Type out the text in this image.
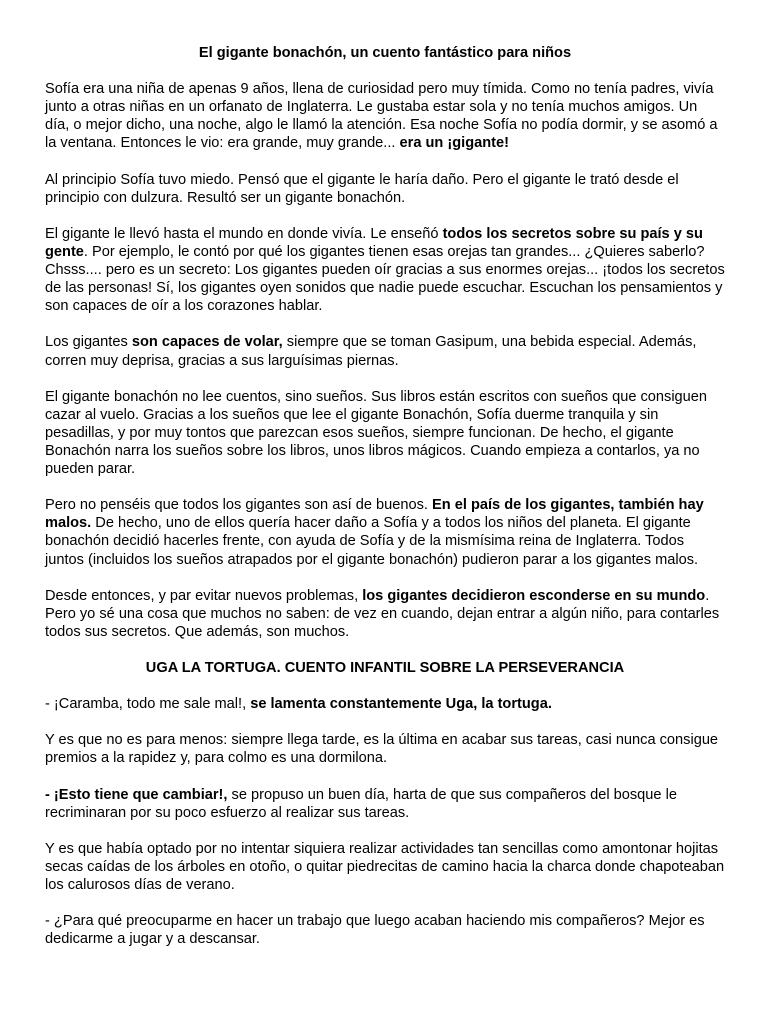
El gigante bonachón, un cuento fantástico para niños

Sofía era una niña de apenas 9 años, llena de curiosidad pero muy tímida. Como no tenía padres, vivía junto a otras niñas en un orfanato de Inglaterra. Le gustaba estar sola y no tenía muchos amigos. Un día, o mejor dicho, una noche, algo le llamó la atención. Esa noche Sofía no podía dormir, y se asomó a la ventana. Entonces le vio: era grande, muy grande... era un ¡gigante!

Al principio Sofía tuvo miedo. Pensó que el gigante le haría daño. Pero el gigante le trató desde el principio con dulzura. Resultó ser un gigante bonachón.

El gigante le llevó hasta el mundo en donde vivía. Le enseñó todos los secretos sobre su país y su gente. Por ejemplo, le contó por qué los gigantes tienen esas orejas tan grandes... ¿Quieres saberlo? Chsss.... pero es un secreto: Los gigantes pueden oír gracias a sus enormes orejas... ¡todos los secretos de las personas! Sí, los gigantes oyen sonidos que nadie puede escuchar. Escuchan los pensamientos y son capaces de oír a los corazones hablar.

Los gigantes son capaces de volar, siempre que se toman Gasipum, una bebida especial. Además, corren muy deprisa, gracias a sus larguísimas piernas.

El gigante bonachón no lee cuentos, sino sueños. Sus libros están escritos con sueños que consiguen cazar al vuelo. Gracias a los sueños que lee el gigante Bonachón, Sofía duerme tranquila y sin pesadillas, y por muy tontos que parezcan esos sueños, siempre funcionan. De hecho, el gigante Bonachón narra los sueños sobre los libros, unos libros mágicos. Cuando empieza a contarlos, ya no pueden parar.

Pero no penséis que todos los gigantes son así de buenos. En el país de los gigantes, también hay malos. De hecho, uno de ellos quería hacer daño a Sofía y a todos los niños del planeta. El gigante bonachón decidió hacerles frente, con ayuda de Sofía y de la mismísima reina de Inglaterra. Todos juntos (incluidos los sueños atrapados por el gigante bonachón) pudieron parar a los gigantes malos.

Desde entonces, y par evitar nuevos problemas, los gigantes decidieron esconderse en su mundo. Pero yo sé una cosa que muchos no saben: de vez en cuando, dejan entrar a algún niño, para contarles todos sus secretos. Que además, son muchos.

UGA LA TORTUGA. CUENTO INFANTIL SOBRE LA PERSEVERANCIA

- ¡Caramba, todo me sale mal!, se lamenta constantemente Uga, la tortuga.

Y es que no es para menos: siempre llega tarde, es la última en acabar sus tareas, casi nunca consigue premios a la rapidez y, para colmo es una dormilona.

- ¡Esto tiene que cambiar!, se propuso un buen día, harta de que sus compañeros del bosque le recriminaran por su poco esfuerzo al realizar sus tareas.

Y es que había optado por no intentar siquiera realizar actividades tan sencillas como amontonar hojitas secas caídas de los árboles en otoño, o quitar piedrecitas de camino hacia la charca donde chapoteaban los calurosos días de verano.

- ¿Para qué preocuparme en hacer un trabajo que luego acaban haciendo mis compañeros? Mejor es dedicarme a jugar y a descansar.
